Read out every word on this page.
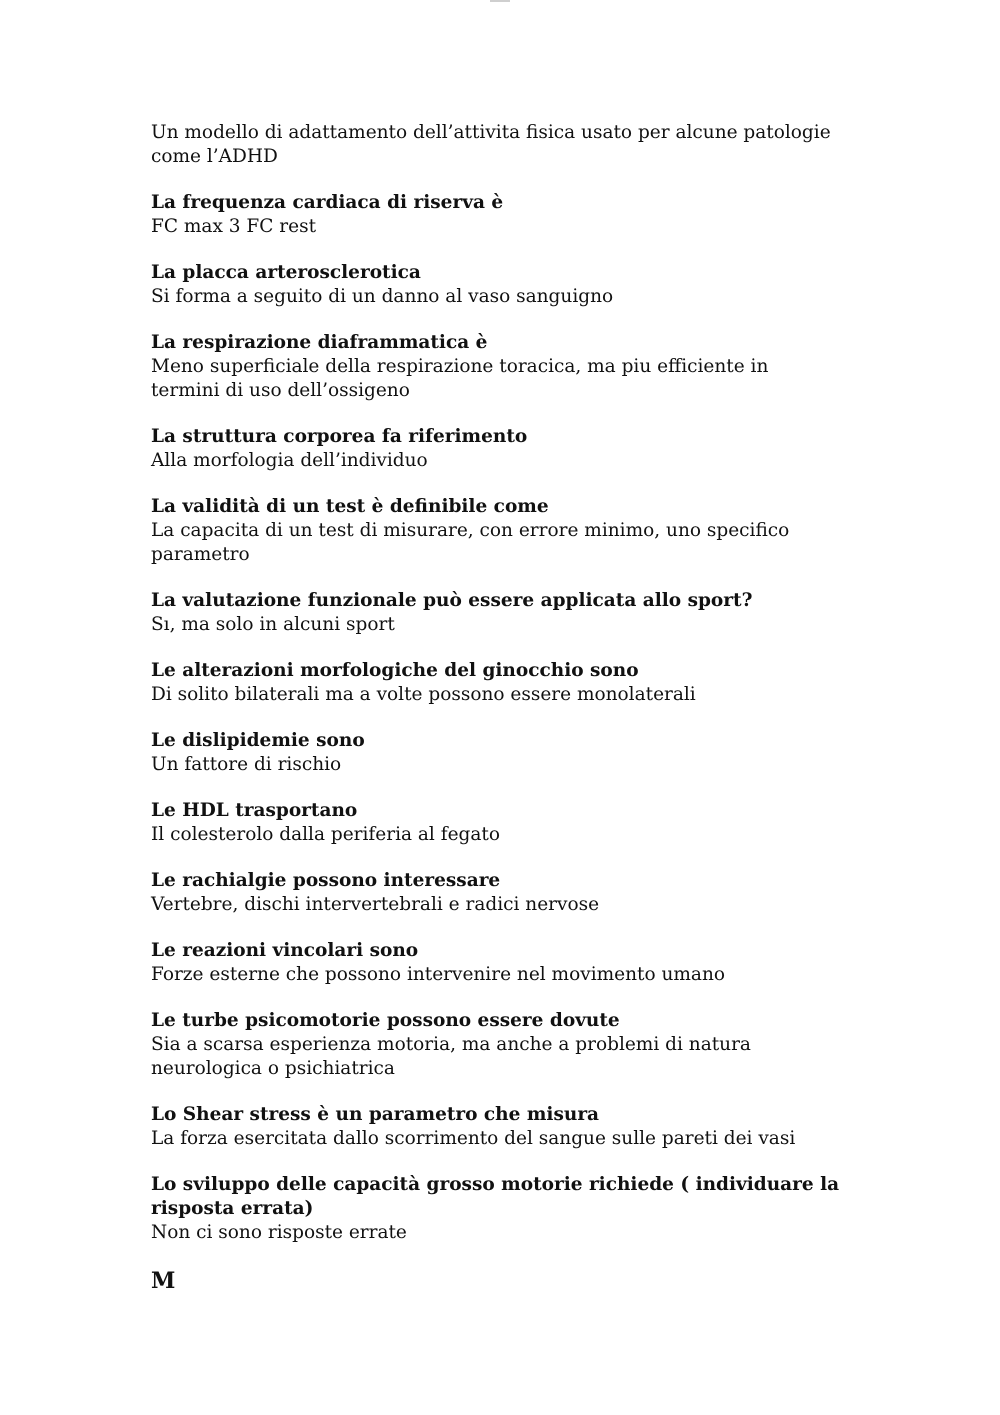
Un modello di adattamento dell’attivita fisica usato per alcune patologie come l’ADHD

La frequenza cardiaca di riserva è

FC max 3 FC rest

La placca arterosclerotica

Si forma a seguito di un danno al vaso sanguigno

La respirazione diaframmatica è

Meno superficiale della respirazione toracica, ma piu efficiente in termini di uso dell’ossigeno

La struttura corporea fa riferimento

Alla morfologia dell’individuo

La validità di un test è definibile come

La capacita di un test di misurare, con errore minimo, uno specifico parametro

La valutazione funzionale può essere applicata allo sport?

Sı, ma solo in alcuni sport

Le alterazioni morfologiche del ginocchio sono

Di solito bilaterali ma a volte possono essere monolaterali

Le dislipidemie sono

Un fattore di rischio

Le HDL trasportano

Il colesterolo dalla periferia al fegato

Le rachialgie possono interessare

Vertebre, dischi intervertebrali e radici nervose

Le reazioni vincolari sono

Forze esterne che possono intervenire nel movimento umano

Le turbe psicomotorie possono essere dovute

Sia a scarsa esperienza motoria, ma anche a problemi di natura neurologica o psichiatrica

Lo Shear stress è un parametro che misura

La forza esercitata dallo scorrimento del sangue sulle pareti dei vasi

Lo sviluppo delle capacità grosso motorie richiede ( individuare la risposta errata)

Non ci sono risposte errate

M
